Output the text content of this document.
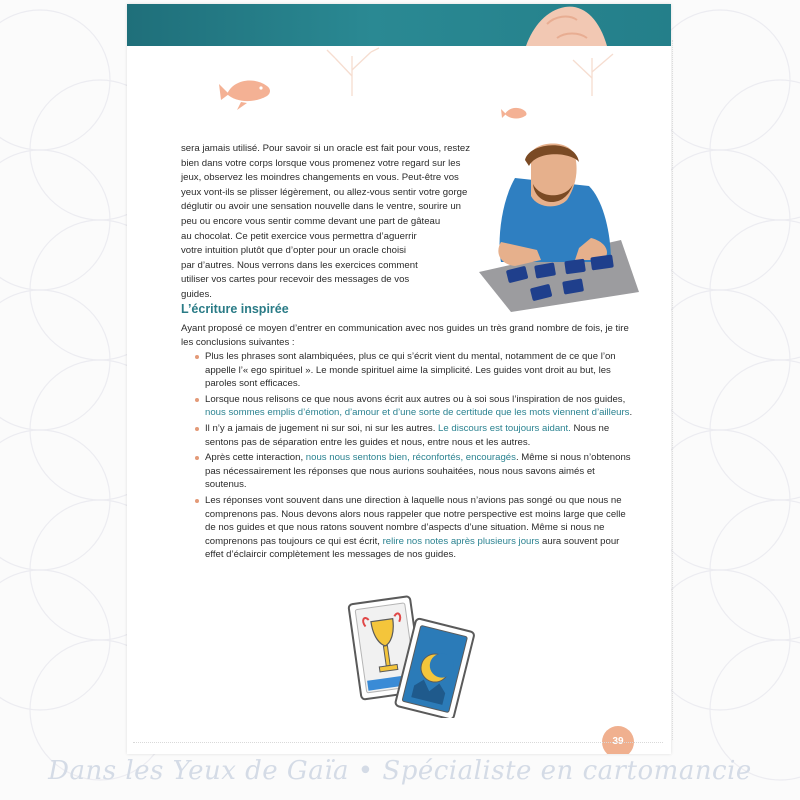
sera jamais utilisé. Pour savoir si un oracle est fait pour vous, restez

bien dans votre corps lorsque vous promenez votre regard sur les

jeux, observez les moindres changements en vous. Peut-être vos

yeux vont-ils se plisser légèrement, ou allez-vous sentir votre gorge

déglutir ou avoir une sensation nouvelle dans le ventre, sourire un

peu ou encore vous sentir comme devant une part de gâteau

au chocolat. Ce petit exercice vous permettra d’aguerrir

votre intuition plutôt que d’opter pour un oracle choisi

par d’autres. Nous verrons dans les exercices comment

utiliser vos cartes pour recevoir des messages de vos

guides.

L’écriture inspirée

Ayant proposé ce moyen d’entrer en communication avec nos guides un très grand nombre de fois, je tire les conclusions suivantes :

Plus les phrases sont alambiquées, plus ce qui s’écrit vient du mental, notamment de ce que l’on appelle l’« ego spirituel ». Le monde spirituel aime la simplicité. Les guides vont droit au but, les paroles sont efficaces.
Lorsque nous relisons ce que nous avons écrit aux autres ou à soi sous l’inspiration de nos guides, nous sommes emplis d’émotion, d’amour et d’une sorte de certitude que les mots viennent d’ailleurs.
Il n’y a jamais de jugement ni sur soi, ni sur les autres. Le discours est toujours aidant. Nous ne sentons pas de séparation entre les guides et nous, entre nous et les autres.
Après cette interaction, nous nous sentons bien, réconfortés, encouragés. Même si nous n’obtenons pas nécessairement les réponses que nous aurions souhaitées, nous nous savons aimés et soutenus.
Les réponses vont souvent dans une direction à laquelle nous n’avions pas songé ou que nous ne comprenons pas. Nous devons alors nous rappeler que notre perspective est moins large que celle de nos guides et que nous ratons souvent nombre d’aspects d’une situation. Même si nous ne comprenons pas toujours ce qui est écrit, relire nos notes après plusieurs jours aura souvent pour effet d’éclaircir complètement les messages de nos guides.
39
Dans les Yeux de Gaïa • Spécialiste en cartomancie
